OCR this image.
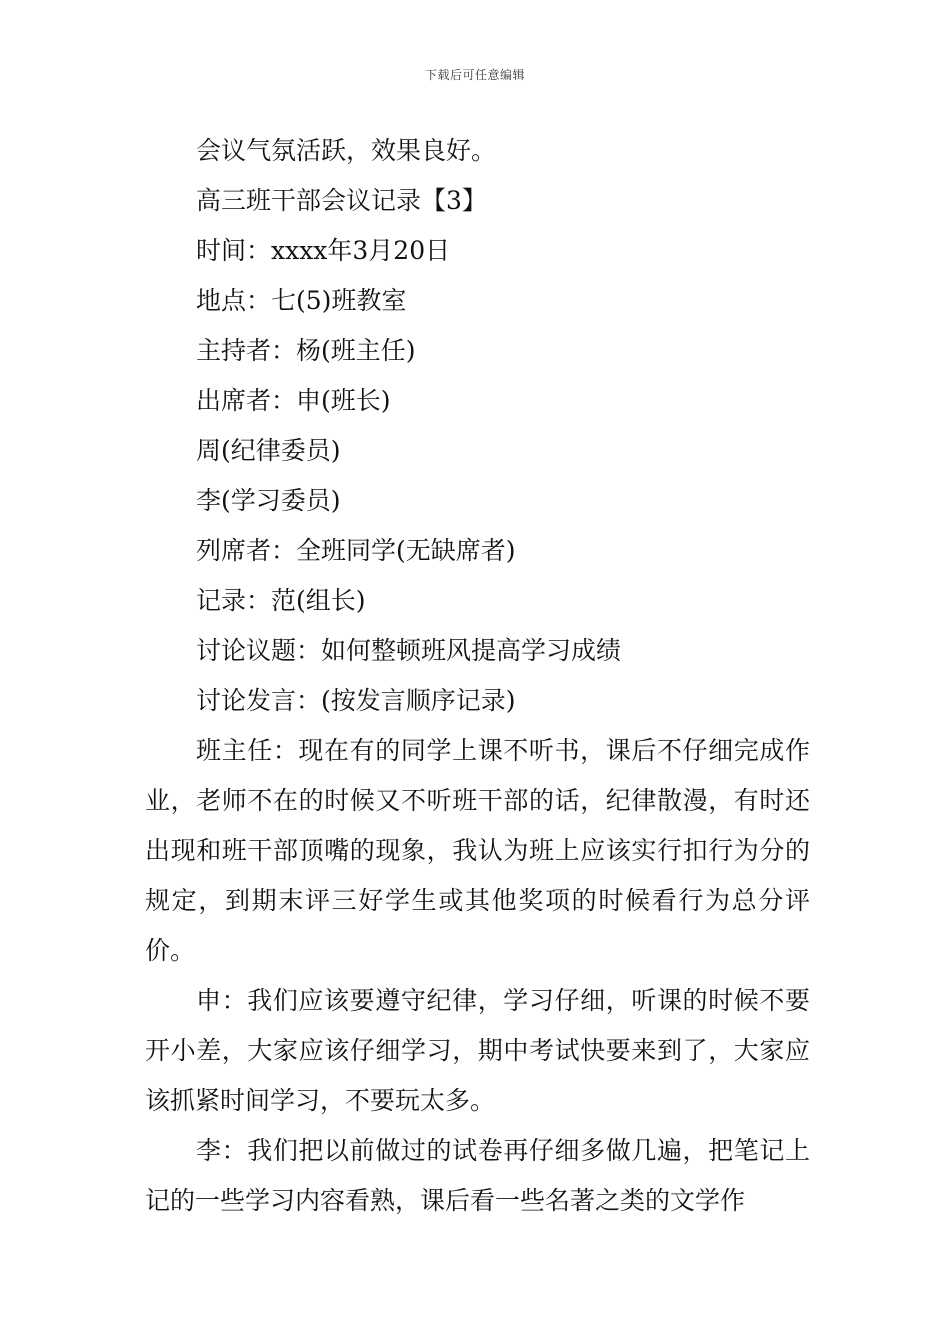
下载后可任意编辑

会议气氛活跃，效果良好。

高三班干部会议记录【3】

时间：xxxx年3月20日

地点：七(5)班教室

主持者：杨(班主任)

出席者：申(班长)

周(纪律委员)

李(学习委员)

列席者：全班同学(无缺席者)

记录：范(组长)

讨论议题：如何整顿班风提高学习成绩

讨论发言：(按发言顺序记录)

班主任：现在有的同学上课不听书，课后不仔细完成作业，老师不在的时候又不听班干部的话，纪律散漫，有时还出现和班干部顶嘴的现象，我认为班上应该实行扣行为分的规定，到期末评三好学生或其他奖项的时候看行为总分评价。

申：我们应该要遵守纪律，学习仔细，听课的时候不要开小差，大家应该仔细学习，期中考试快要来到了，大家应该抓紧时间学习，不要玩太多。

李：我们把以前做过的试卷再仔细多做几遍，把笔记上记的一些学习内容看熟，课后看一些名著之类的文学作
